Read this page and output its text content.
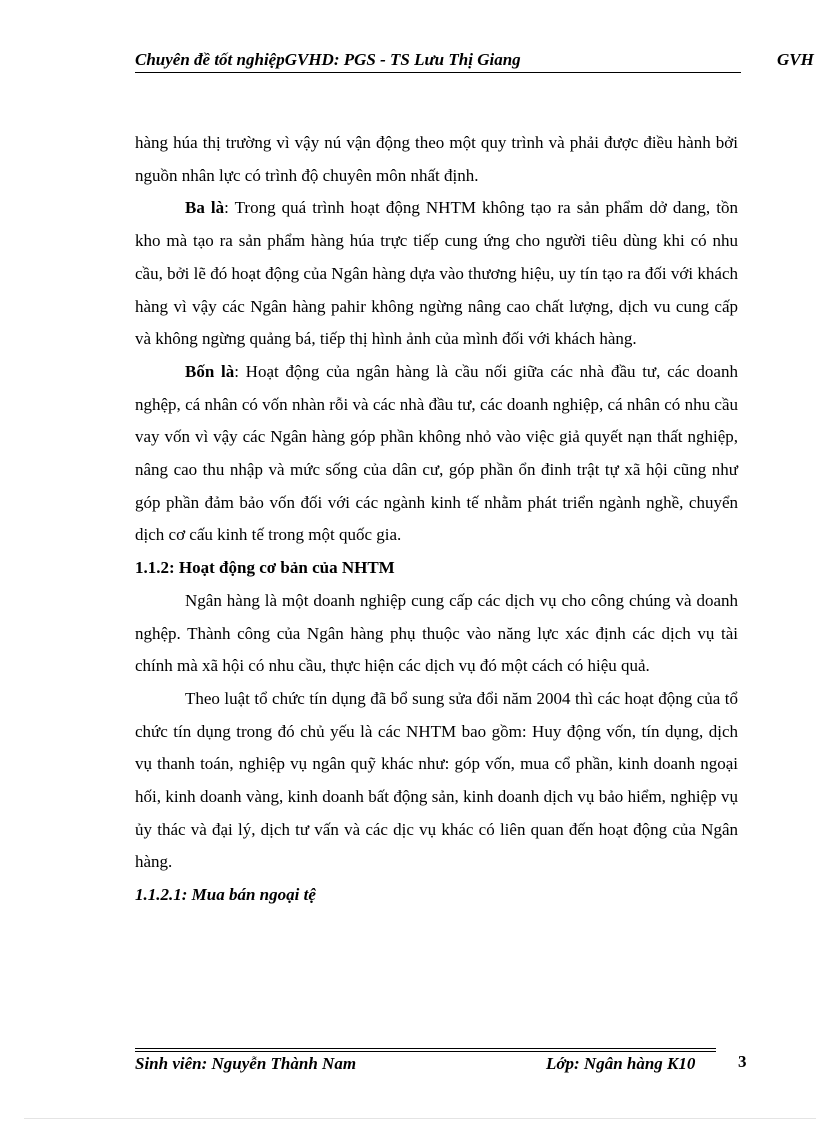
Chuyên đề tốt nghiệpGVHD: PGS - TS Lưu Thị Giang	GVH

hàng húa thị trường vì vậy nú vận động theo một quy trình và phải được điều hành bởi nguồn nhân lực có trình độ chuyên môn nhất định.

Ba là: Trong quá trình hoạt động NHTM không tạo ra sản phẩm dở dang, tồn kho mà tạo ra sản phẩm hàng húa trực tiếp cung ứng cho người tiêu dùng khi có nhu cầu, bởi lẽ đó hoạt động của Ngân hàng dựa vào thương hiệu, uy tín tạo ra đối với khách hàng vì vậy các Ngân hàng pahir không ngừng nâng cao chất lượng, dịch vu cung cấp và không ngừng quảng bá, tiếp thị hình ảnh của mình đối với khách hàng.

Bốn là: Hoạt động của ngân hàng là cầu nối giữa các nhà đầu tư, các doanh nghệp, cá nhân có vốn nhàn rỗi và các nhà đầu tư, các doanh nghiệp, cá nhân có nhu cầu vay vốn vì vậy các Ngân hàng góp phần không nhỏ vào việc giả quyết nạn thất nghiệp, nâng cao thu nhập và mức sống của dân cư, góp phần ổn đinh trật tự xã hội cũng như góp phần đảm bảo vốn đối với các ngành kinh tế nhằm phát triển ngành nghề, chuyển dịch cơ cấu kinh tế trong một quốc gia.

1.1.2: Hoạt động cơ bản của NHTM

Ngân hàng là một doanh nghiệp cung cấp các dịch vụ cho công chúng và doanh nghệp. Thành công của Ngân hàng phụ thuộc vào năng lực xác định các dịch vụ tài chính mà xã hội có nhu cầu, thực hiện các dịch vụ đó một cách có hiệu quả.

Theo luật tổ chức tín dụng đã bổ sung sửa đổi năm 2004 thì các hoạt động của tổ chức tín dụng trong đó chủ yếu là các NHTM bao gồm: Huy động vốn, tín dụng, dịch vụ thanh toán, nghiệp vụ ngân quỹ khác như: góp vốn, mua cổ phần, kinh doanh ngoại hối, kinh doanh vàng, kinh doanh bất động sản, kinh doanh dịch vụ bảo hiểm, nghiệp vụ ủy thác và đại lý, dịch tư vấn và các dịc vụ khác có liên quan đến hoạt động của Ngân hàng.

1.1.2.1: Mua bán ngoại tệ

Sinh viên: Nguyễn Thành Nam	Lớp: Ngân hàng K10	3
